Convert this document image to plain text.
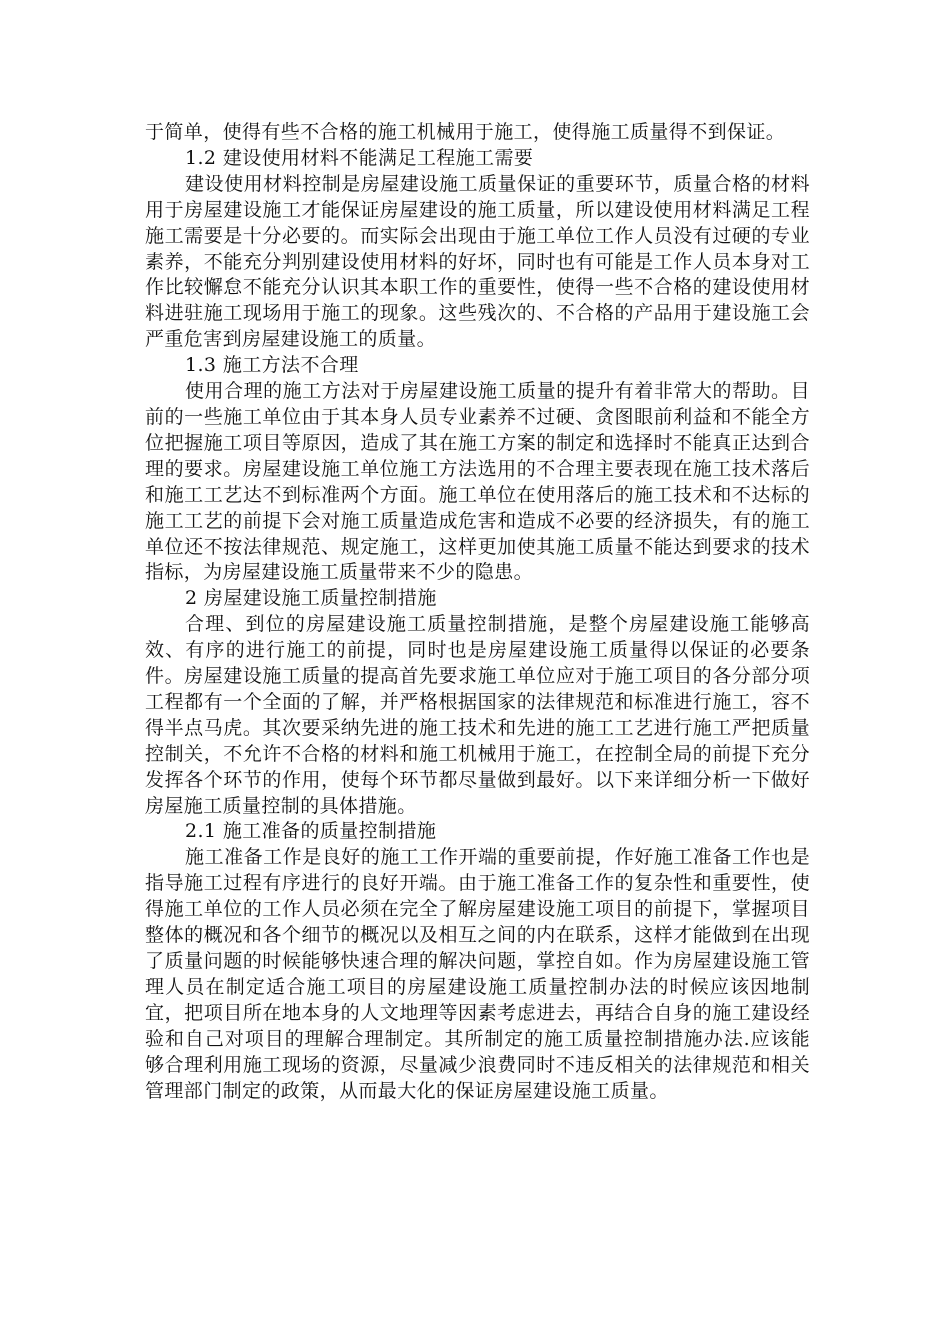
于简单，使得有些不合格的施工机械用于施工，使得施工质量得不到保证。

1.2 建设使用材料不能满足工程施工需要

建设使用材料控制是房屋建设施工质量保证的重要环节，质量合格的材料用于房屋建设施工才能保证房屋建设的施工质量，所以建设使用材料满足工程施工需要是十分必要的。而实际会出现由于施工单位工作人员没有过硬的专业素养，不能充分判别建设使用材料的好坏，同时也有可能是工作人员本身对工作比较懈怠不能充分认识其本职工作的重要性，使得一些不合格的建设使用材料进驻施工现场用于施工的现象。这些残次的、不合格的产品用于建设施工会严重危害到房屋建设施工的质量。

1.3 施工方法不合理

使用合理的施工方法对于房屋建设施工质量的提升有着非常大的帮助。目前的一些施工单位由于其本身人员专业素养不过硬、贪图眼前利益和不能全方位把握施工项目等原因，造成了其在施工方案的制定和选择时不能真正达到合理的要求。房屋建设施工单位施工方法选用的不合理主要表现在施工技术落后和施工工艺达不到标准两个方面。施工单位在使用落后的施工技术和不达标的施工工艺的前提下会对施工质量造成危害和造成不必要的经济损失，有的施工单位还不按法律规范、规定施工，这样更加使其施工质量不能达到要求的技术指标，为房屋建设施工质量带来不少的隐患。

2 房屋建设施工质量控制措施

合理、到位的房屋建设施工质量控制措施，是整个房屋建设施工能够高效、有序的进行施工的前提，同时也是房屋建设施工质量得以保证的必要条件。房屋建设施工质量的提高首先要求施工单位应对于施工项目的各分部分项工程都有一个全面的了解，并严格根据国家的法律规范和标准进行施工，容不得半点马虎。其次要采纳先进的施工技术和先进的施工工艺进行施工严把质量控制关，不允许不合格的材料和施工机械用于施工，在控制全局的前提下充分发挥各个环节的作用，使每个环节都尽量做到最好。以下来详细分析一下做好房屋施工质量控制的具体措施。

2.1 施工准备的质量控制措施

施工准备工作是良好的施工工作开端的重要前提，作好施工准备工作也是指导施工过程有序进行的良好开端。由于施工准备工作的复杂性和重要性，使得施工单位的工作人员必须在完全了解房屋建设施工项目的前提下，掌握项目整体的概况和各个细节的概况以及相互之间的内在联系，这样才能做到在出现了质量问题的时候能够快速合理的解决问题，掌控自如。作为房屋建设施工管理人员在制定适合施工项目的房屋建设施工质量控制办法的时候应该因地制宜，把项目所在地本身的人文地理等因素考虑进去，再结合自身的施工建设经验和自己对项目的理解合理制定。其所制定的施工质量控制措施办法.应该能够合理利用施工现场的资源，尽量减少浪费同时不违反相关的法律规范和相关管理部门制定的政策，从而最大化的保证房屋建设施工质量。
